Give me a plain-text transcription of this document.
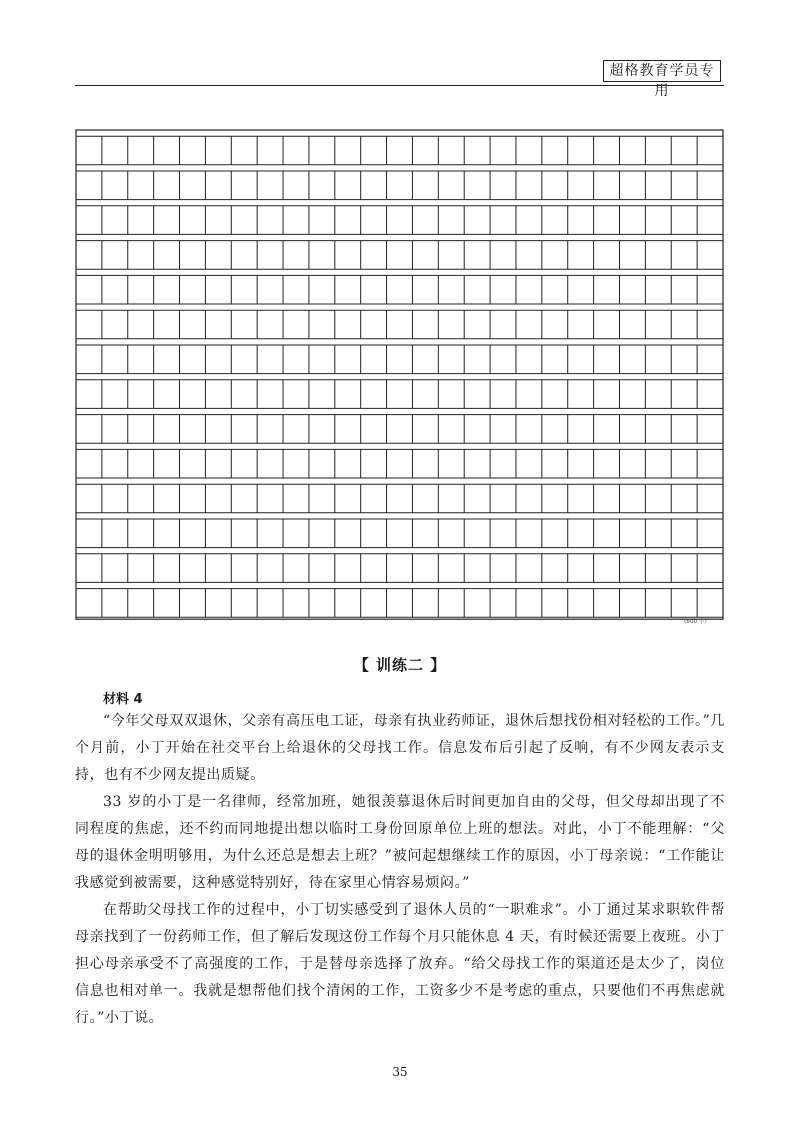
超格教育学员专用
（500 字）
【 训练二 】
材料 4

“今年父母双双退休，父亲有高压电工证，母亲有执业药师证，退休后想找份相对轻松的工作。”几个月前，小丁开始在社交平台上给退休的父母找工作。信息发布后引起了反响，有不少网友表示支持，也有不少网友提出质疑。

33 岁的小丁是一名律师，经常加班，她很羡慕退休后时间更加自由的父母，但父母却出现了不同程度的焦虑，还不约而同地提出想以临时工身份回原单位上班的想法。对此，小丁不能理解：“父母的退休金明明够用，为什么还总是想去上班？”被问起想继续工作的原因，小丁母亲说：“工作能让我感觉到被需要，这种感觉特别好，待在家里心情容易烦闷。”

在帮助父母找工作的过程中，小丁切实感受到了退休人员的“一职难求”。小丁通过某求职软件帮母亲找到了一份药师工作，但了解后发现这份工作每个月只能休息 4 天，有时候还需要上夜班。小丁担心母亲承受不了高强度的工作，于是替母亲选择了放弃。“给父母找工作的渠道还是太少了，岗位信息也相对单一。我就是想帮他们找个清闲的工作，工资多少不是考虑的重点，只要他们不再焦虑就行。”小丁说。

35
